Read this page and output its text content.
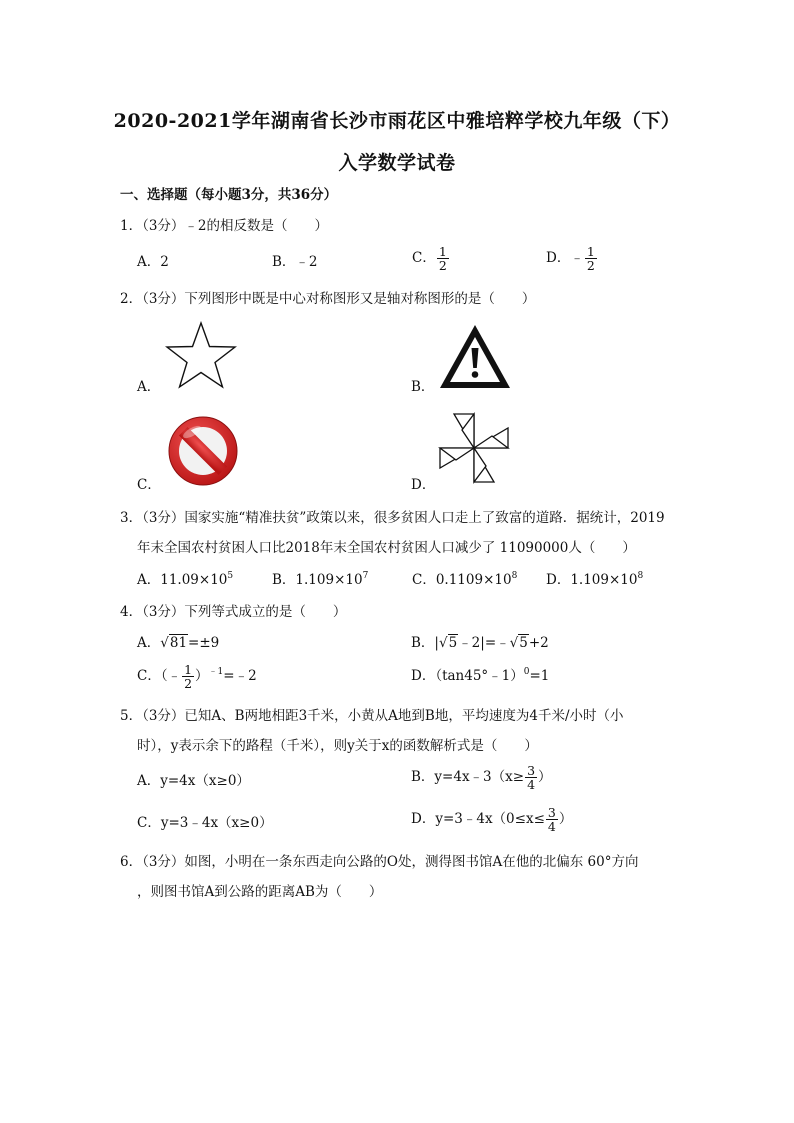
2020-2021学年湖南省长沙市雨花区中雅培粹学校九年级（下）
入学数学试卷
一、选择题（每小题3分，共36分）
1．（3分）﹣2的相反数是（　　）
A．2	B．﹣2	C． $\frac{1}{2}$	D．﹣ $\frac{1}{2}$
2．（3分）下列图形中既是中心对称图形又是轴对称图形的是（　　）
A．	B．
!
C．	D．
3．（3分）国家实施“精准扶贫”政策以来，很多贫困人口走上了致富的道路．据统计，2019
年末全国农村贫困人口比2018年末全国农村贫困人口减少了 11090000人（　　）
A．$11.09\times 10^5$	B．$1.109\times 10^7$	C．$0.1109\times 10^8$ D．$1.109\times 10^8$
4．（3分）下列等式成立的是（　　）
A．√81=±9	B．|√5﹣2|=﹣√5+2
C．（﹣ $\frac{1}{2}$ ）$^{﹣1}$=﹣2	D．（tan45°﹣1）$^0$=1
5．（3分）已知A、B两地相距3千米，小黄从A地到B地，平均速度为4千米/小时（小
时），y表示余下的路程（千米），则y关于x的函数解析式是（　　）
A．y=4x（x≥0）	B．y=4x﹣3（x≥ $\frac{3}{4}$ ）
C．y=3﹣4x（x≥0）	D．y=3﹣4x（0≤x≤ $\frac{3}{4}$ ）
6．（3分）如图，小明在一条东西走向公路的O处，测得图书馆A在他的北偏东 60°方向
，则图书馆A到公路的距离AB为（　　）
